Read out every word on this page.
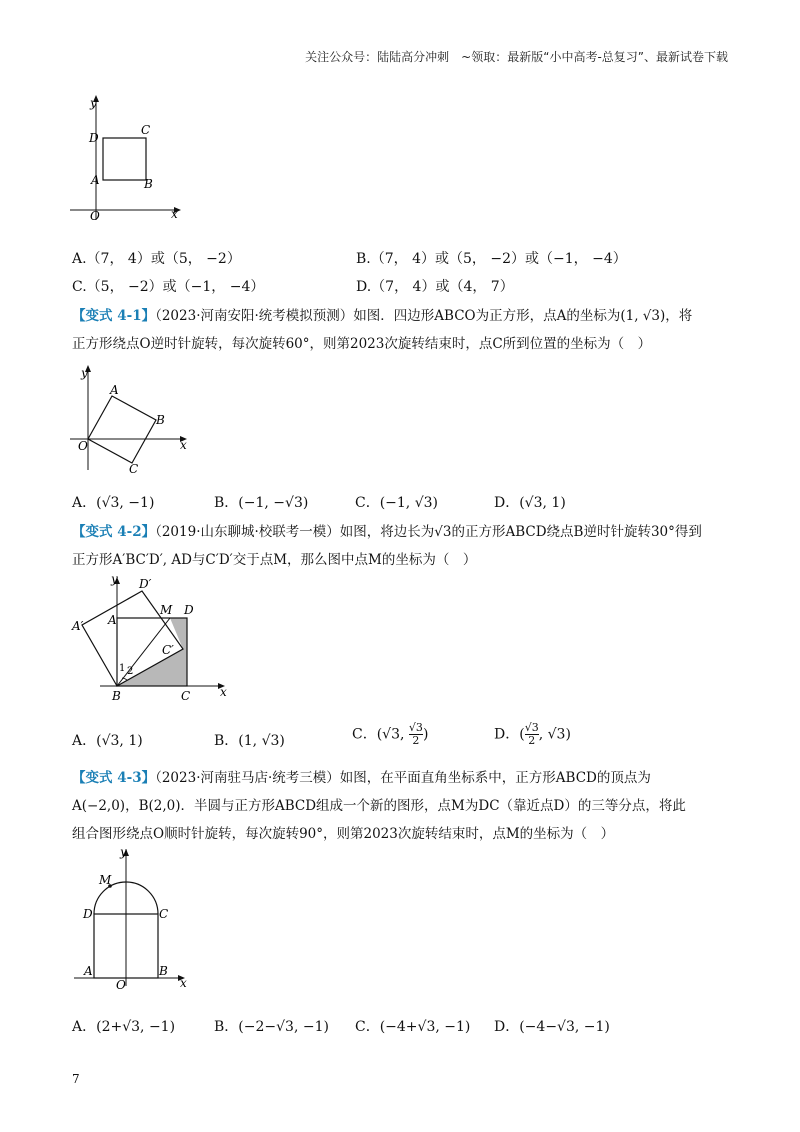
关注公众号：陆陆高分冲刺　~领取：最新版“小中高考-总复习”、最新试卷下载
y
x
O
A	B
C
D
A.（7， 4）或（5， −2）	B.（7， 4）或（5， −2）或（−1， −4）
C.（5， −2）或（−1， −4）	D.（7， 4）或（4， 7）
【变式 4-1】（2023·河南安阳·统考模拟预测）如图．四边形ABCO为正方形，点A的坐标为(1, √3)，将
正方形绕点O逆时针旋转，每次旋转60°，则第2023次旋转结束时，点C所到位置的坐标为（　）
y
x
O
A
B
C
A．(√3, −1)	B．(−1, −√3)	C．(−1, √3)	D．(√3, 1)
【变式 4-2】（2019·山东聊城·校联考一模）如图，将边长为√3的正方形ABCD绕点B逆时针旋转30°得到
正方形A′BC′D′, AD与C′D′交于点M，那么图中点M的坐标为（　）
y
x
A
B	C
D
A′
C′
D′
M
1 2
A．(√3, 1)	B．(1, √3)	C．(√3, $\frac{√3}{2}$ )	D．( $\frac{√3}{2}$ , √3)
【变式 4-3】（2023·河南驻马店·统考三模）如图，在平面直角坐标系中，正方形ABCD的顶点为
A(−2,0)，B(2,0)．半圆与正方形ABCD组成一个新的图形，点M为DC（靠近点D）的三等分点，将此
组合图形绕点O顺时针旋转，每次旋转90°，则第2023次旋转结束时，点M的坐标为（　）
y
x
O
A	B
C
D
M
A．(2+√3, −1)	B．(−2−√3, −1) C．(−4+√3, −1) D．(−4−√3, −1)
7
